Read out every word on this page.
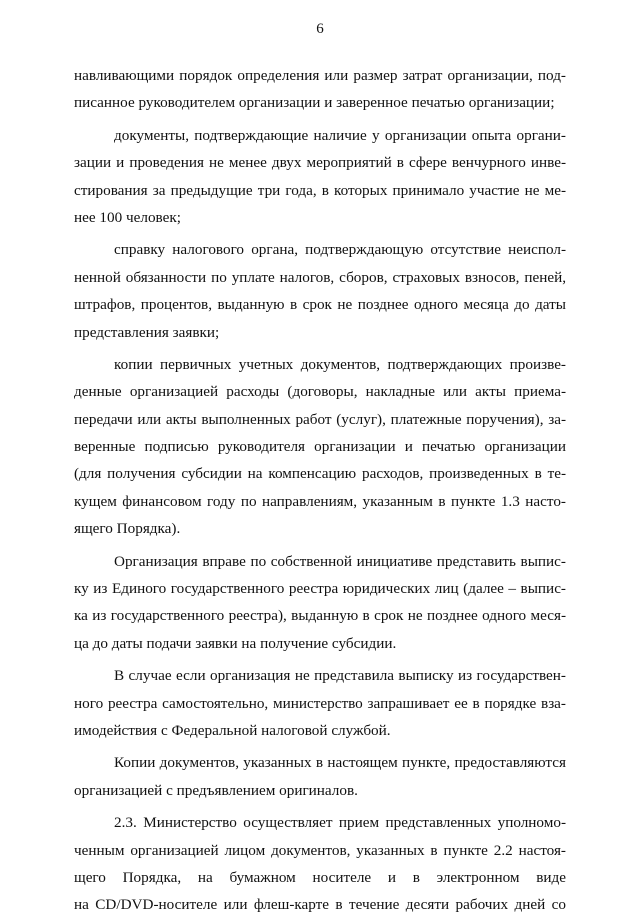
6
навливающими порядок определения или размер затрат организации, под-
писанное руководителем организации и заверенное печатью организации;
документы, подтверждающие наличие у организации опыта органи-
зации и проведения не менее двух мероприятий в сфере венчурного инве-
стирования за предыдущие три года, в которых принимало участие не ме-
нее 100 человек;
справку налогового органа, подтверждающую отсутствие неиспол-
ненной обязанности по уплате налогов, сборов, страховых взносов, пеней,
штрафов, процентов, выданную в срок не позднее одного месяца до даты
представления заявки;
копии первичных учетных документов, подтверждающих произве-
денные организацией расходы (договоры, накладные или акты приема-
передачи или акты выполненных работ (услуг), платежные поручения), за-
веренные подписью руководителя организации и печатью организации
(для получения субсидии на компенсацию расходов, произведенных в те-
кущем финансовом году по направлениям, указанным в пункте 1.3 насто-
ящего Порядка).
Организация вправе по собственной инициативе представить выпис-
ку из Единого государственного реестра юридических лиц (далее – выпис-
ка из государственного реестра), выданную в срок не позднее одного меся-
ца до даты подачи заявки на получение субсидии.
В случае если организация не представила выписку из государствен-
ного реестра самостоятельно, министерство запрашивает ее в порядке вза-
имодействия с Федеральной налоговой службой.
Копии документов, указанных в настоящем пункте, предоставляются
организацией с предъявлением оригиналов.
2.3. Министерство осуществляет прием представленных уполномо-
ченным организацией лицом документов, указанных в пункте 2.2 настоя-
щего Порядка, на бумажном носителе и в электронном виде
на CD/DVD-носителе или флеш-карте в течение десяти рабочих дней со
